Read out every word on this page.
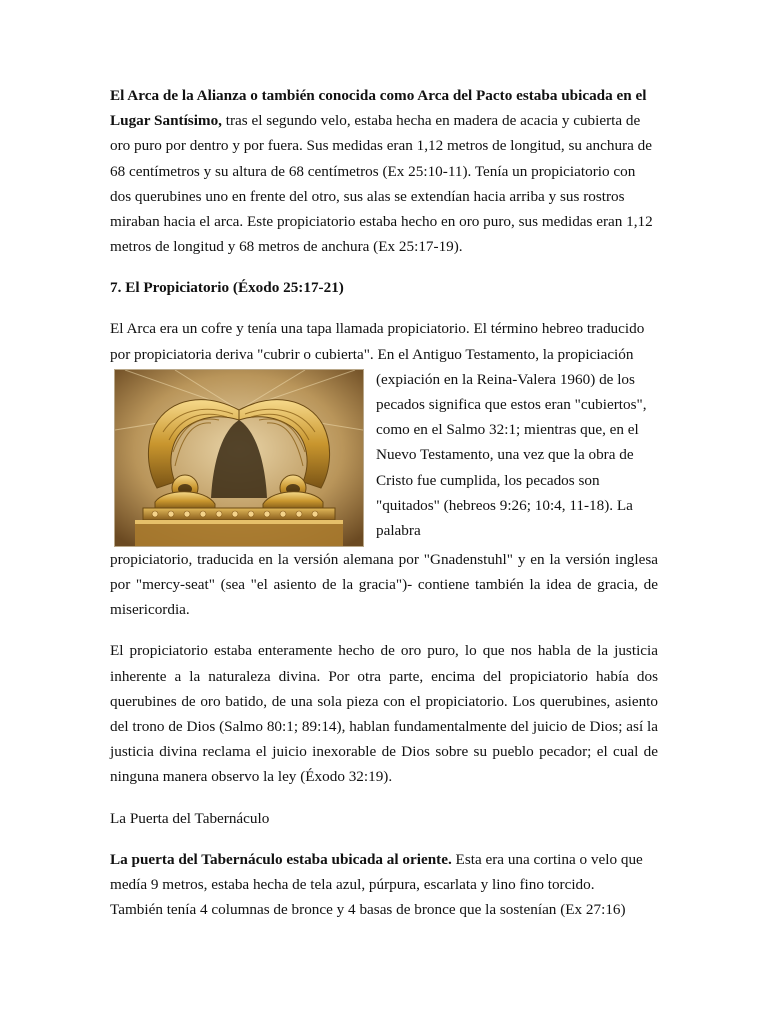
El Arca de la Alianza o también conocida como Arca del Pacto estaba ubicada en el Lugar Santísimo, tras el segundo velo, estaba hecha en madera de acacia y cubierta de oro puro por dentro y por fuera. Sus medidas eran 1,12 metros de longitud, su anchura de 68 centímetros y su altura de 68 centímetros (Ex 25:10-11). Tenía un propiciatorio con dos querubines uno en frente del otro, sus alas se extendían hacia arriba y sus rostros miraban hacia el arca. Este propiciatorio estaba hecho en oro puro, sus medidas eran 1,12 metros de longitud y 68 metros de anchura (Ex 25:17-19).

7. El Propiciatorio (Éxodo 25:17-21)

El Arca era un cofre y tenía una tapa llamada propiciatorio. El término hebreo traducido

por propiciatoria deriva "cubrir o cubierta". En el Antiguo Testamento, la propiciación

(expiación en la Reina-Valera 1960) de los

pecados significa que estos eran "cubiertos",

como en el Salmo 32:1; mientras que, en el

Nuevo Testamento, una vez que la obra de

Cristo fue cumplida, los pecados son

"quitados" (hebreos 9:26; 10:4, 11-18). La

palabra

propiciatorio, traducida en la versión alemana por "Gnadenstuhl" y en la versión inglesa por "mercy-seat" (sea "el asiento de la gracia")- contiene también la idea de gracia, de misericordia.

El propiciatorio estaba enteramente hecho de oro puro, lo que nos habla de la justicia inherente a la naturaleza divina. Por otra parte, encima del propiciatorio había dos querubines de oro batido, de una sola pieza con el propiciatorio. Los querubines, asiento del trono de Dios (Salmo 80:1; 89:14), hablan fundamentalmente del juicio de Dios; así la justicia divina reclama el juicio inexorable de Dios sobre su pueblo pecador; el cual de ninguna manera observo la ley (Éxodo 32:19).

La Puerta del Tabernáculo

La puerta del Tabernáculo estaba ubicada al oriente. Esta era una cortina o velo que

medía 9 metros, estaba hecha de tela azul, púrpura, escarlata y lino fino torcido.

También tenía 4 columnas de bronce y 4 basas de bronce que la sostenían (Ex 27:16)
